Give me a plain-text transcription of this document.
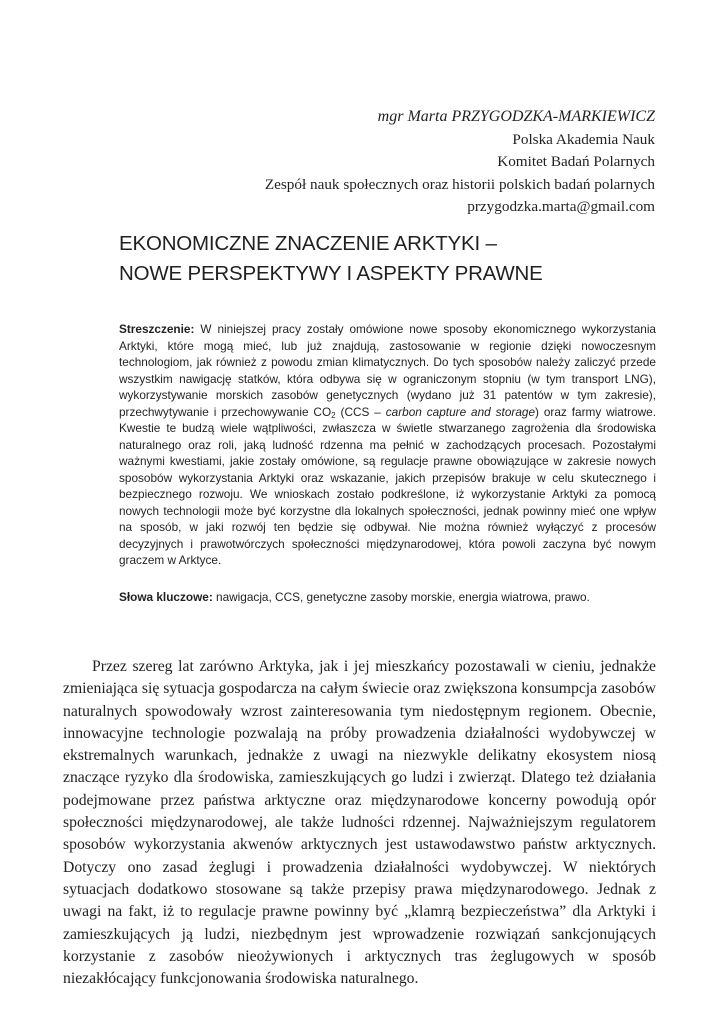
mgr Marta PRZYGODZKA-MARKIEWICZ
Polska Akademia Nauk
Komitet Badań Polarnych
Zespół nauk społecznych oraz historii polskich badań polarnych
przygodzka.marta@gmail.com
EKONOMICZNE ZNACZENIE ARKTYKI –
NOWE PERSPEKTYWY I ASPEKTY PRAWNE

Streszczenie: W niniejszej pracy zostały omówione nowe sposoby ekonomicznego wykorzystania Arktyki, które mogą mieć, lub już znajdują, zastosowanie w regionie dzięki nowoczesnym technologiom, jak również z powodu zmian klimatycznych. Do tych sposobów należy zaliczyć przede wszystkim nawigację statków, która odbywa się w ograniczonym stopniu (w tym transport LNG), wykorzystywanie morskich zasobów genetycznych (wydano już 31 patentów w tym zakresie), przechwytywanie i przechowywanie $CO_2$ (CCS – carbon capture and storage) oraz farmy wiatrowe. Kwestie te budzą wiele wątpliwości, zwłaszcza w świetle stwarzanego zagrożenia dla środowiska naturalnego oraz roli, jaką ludność rdzenna ma pełnić w zachodzących procesach. Pozostałymi ważnymi kwestiami, jakie zostały omówione, są regulacje prawne obowiązujące w zakresie nowych sposobów wykorzystania Arktyki oraz wskazanie, jakich przepisów brakuje w celu skutecznego i bezpiecznego rozwoju. We wnioskach zostało podkreślone, iż wykorzystanie Arktyki za pomocą nowych technologii może być korzystne dla lokalnych społeczności, jednak powinny mieć one wpływ na sposób, w jaki rozwój ten będzie się odbywał. Nie można również wyłączyć z procesów decyzyjnych i prawotwórczych społeczności międzynarodowej, która powoli zaczyna być nowym graczem w Arktyce.

Słowa kluczowe: nawigacja, CCS, genetyczne zasoby morskie, energia wiatrowa, prawo.

Przez szereg lat zarówno Arktyka, jak i jej mieszkańcy pozostawali w cieniu, jednakże zmieniająca się sytuacja gospodarcza na całym świecie oraz zwiększona konsumpcja zasobów naturalnych spowodowały wzrost zainteresowania tym niedostępnym regionem. Obecnie, innowacyjne technologie pozwalają na próby prowadzenia działalności wydobywczej w ekstremalnych warunkach, jednakże z uwagi na niezwykle delikatny ekosystem niosą znaczące ryzyko dla środowiska, zamieszkujących go ludzi i zwierząt. Dlatego też działania podejmowane przez państwa arktyczne oraz międzynarodowe koncerny powodują opór społeczności międzynarodowej, ale także ludności rdzennej. Najważniejszym regulatorem sposobów wykorzystania akwenów arktycznych jest ustawodawstwo państw arktycznych. Dotyczy ono zasad żeglugi i prowadzenia działalności wydobywczej. W niektórych sytuacjach dodatkowo stosowane są także przepisy prawa międzynarodowego. Jednak z uwagi na fakt, iż to regulacje prawne powinny być „klamrą bezpieczeństwa” dla Arktyki i zamieszkujących ją ludzi, niezbędnym jest wprowadzenie rozwiązań sankcjonujących korzystanie z zasobów nieożywionych i arktycznych tras żeglugowych w sposób niezakłócający funkcjonowania środowiska naturalnego.
